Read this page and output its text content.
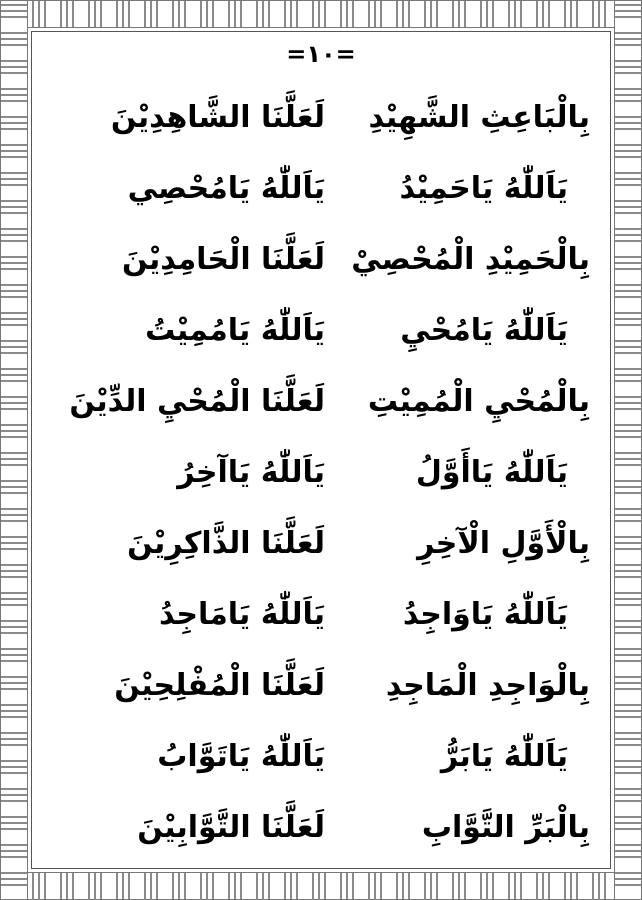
=١٠=
بِالْبَاعِثِ الشَّهِيْدِ
لَعَلَّنَا الشَّاهِدِيْنَ
يَاَللّٰهُ يَاحَمِيْدُ
يَاَللّٰهُ يَامُحْصِي
بِالْحَمِيْدِ الْمُحْصِيْ
لَعَلَّنَا الْحَامِدِيْنَ
يَاَللّٰهُ يَامُحْيِ
يَاَللّٰهُ يَامُمِيْتُ
بِالْمُحْيِ الْمُمِيْتِ
لَعَلَّنَا الْمُحْيِ الدِّيْنَ
يَاَللّٰهُ يَاأَوَّلُ
يَاَللّٰهُ يَاآخِرُ
بِالْأَوَّلِ الْآخِرِ
لَعَلَّنَا الذَّاكِرِيْنَ
يَاَللّٰهُ يَاوَاجِدُ
يَاَللّٰهُ يَامَاجِدُ
بِالْوَاجِدِ الْمَاجِدِ
لَعَلَّنَا الْمُفْلِحِيْنَ
يَاَللّٰهُ يَابَرُّ
يَاَللّٰهُ يَاتَوَّابُ
بِالْبَرِّ التَّوَّابِ
لَعَلَّنَا التَّوَّابِيْنَ
